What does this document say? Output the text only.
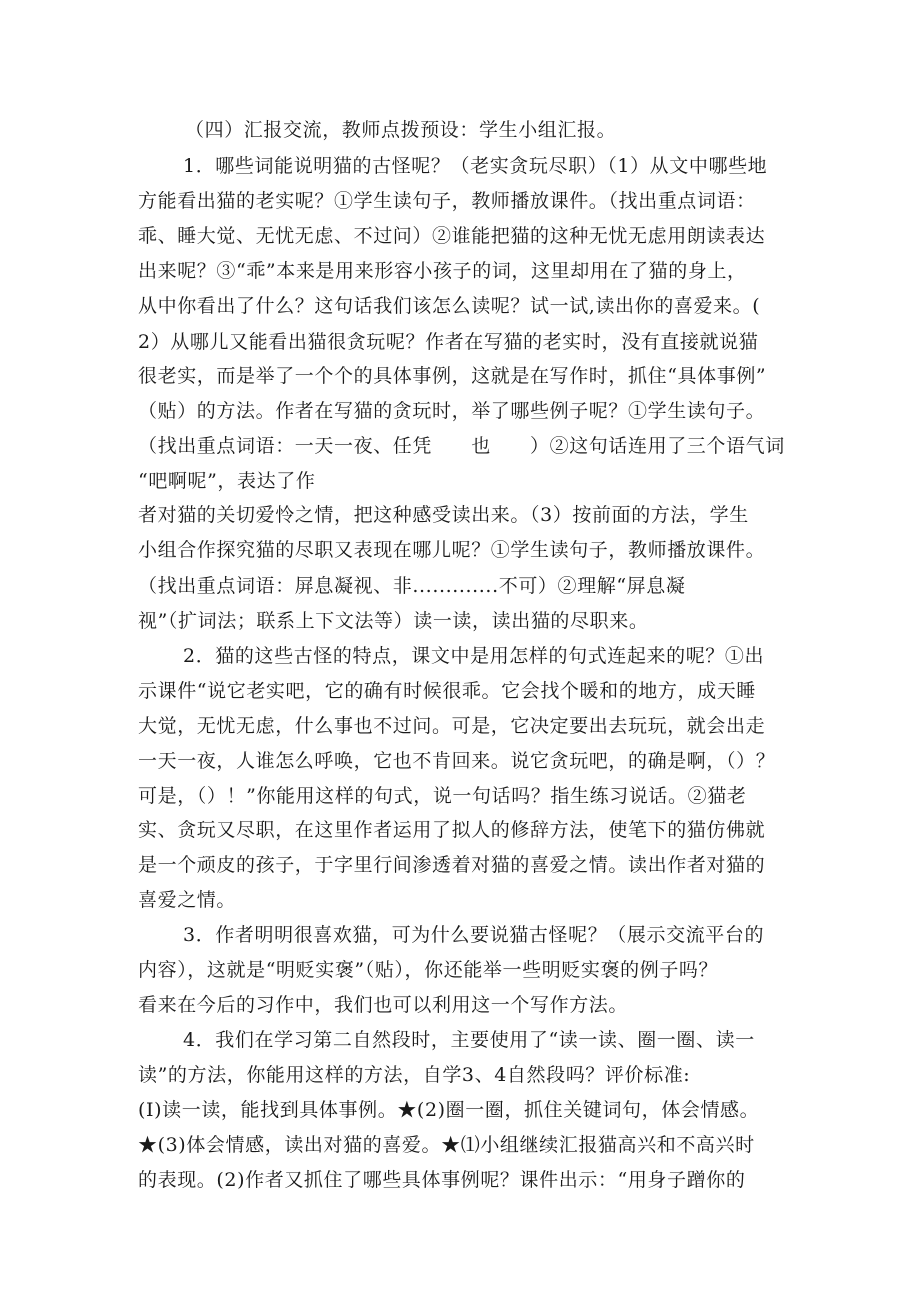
（四）汇报交流，教师点拨预设：学生小组汇报。
1．哪些词能说明猫的古怪呢？（老实贪玩尽职）（1）从文中哪些地
方能看出猫的老实呢？①学生读句子，教师播放课件。（找出重点词语：
乖、睡大觉、无忧无虑、不过问）②谁能把猫的这种无忧无虑用朗读表达
出来呢？③“乖”本来是用来形容小孩子的词，这里却用在了猫的身上，
从中你看出了什么？这句话我们该怎么读呢？试一试,读出你的喜爱来。(
2）从哪儿又能看出猫很贪玩呢？作者在写猫的老实时，没有直接就说猫
很老实，而是举了一个个的具体事例，这就是在写作时，抓住“具体事例”
（贴）的方法。作者在写猫的贪玩时，举了哪些例子呢？①学生读句子。
（找出重点词语：一天一夜、任凭　　也　　）②这句话连用了三个语气词
“吧啊呢”，表达了作
者对猫的关切爱怜之情，把这种感受读出来。（3）按前面的方法，学生
小组合作探究猫的尽职又表现在哪儿呢？①学生读句子，教师播放课件。
（找出重点词语：屏息凝视、非.............不可）②理解“屏息凝
视”（扩词法；联系上下文法等）读一读，读出猫的尽职来。
2．猫的这些古怪的特点，课文中是用怎样的句式连起来的呢？①出
示课件“说它老实吧，它的确有时候很乖。它会找个暖和的地方，成天睡
大觉，无忧无虑，什么事也不过问。可是，它决定要出去玩玩，就会出走
一天一夜，人谁怎么呼唤，它也不肯回来。说它贪玩吧，的确是啊，（）？
可是，（）！”你能用这样的句式，说一句话吗？指生练习说话。②猫老
实、贪玩又尽职，在这里作者运用了拟人的修辞方法，使笔下的猫仿佛就
是一个顽皮的孩子，于字里行间渗透着对猫的喜爱之情。读出作者对猫的
喜爱之情。
3．作者明明很喜欢猫，可为什么要说猫古怪呢？（展示交流平台的
内容），这就是“明贬实褒”（贴），你还能举一些明贬实褒的例子吗？
看来在今后的习作中，我们也可以利用这一个写作方法。
4．我们在学习第二自然段时，主要使用了“读一读、圈一圈、读一
读”的方法，你能用这样的方法，自学3、4自然段吗？评价标准:
(I)读一读，能找到具体事例。★(2)圈一圈，抓住关键词句，体会情感。
★(3)体会情感，读出对猫的喜爱。★⑴小组继续汇报猫高兴和不高兴时
的表现。(2)作者又抓住了哪些具体事例呢？课件出示：“用身子蹭你的
